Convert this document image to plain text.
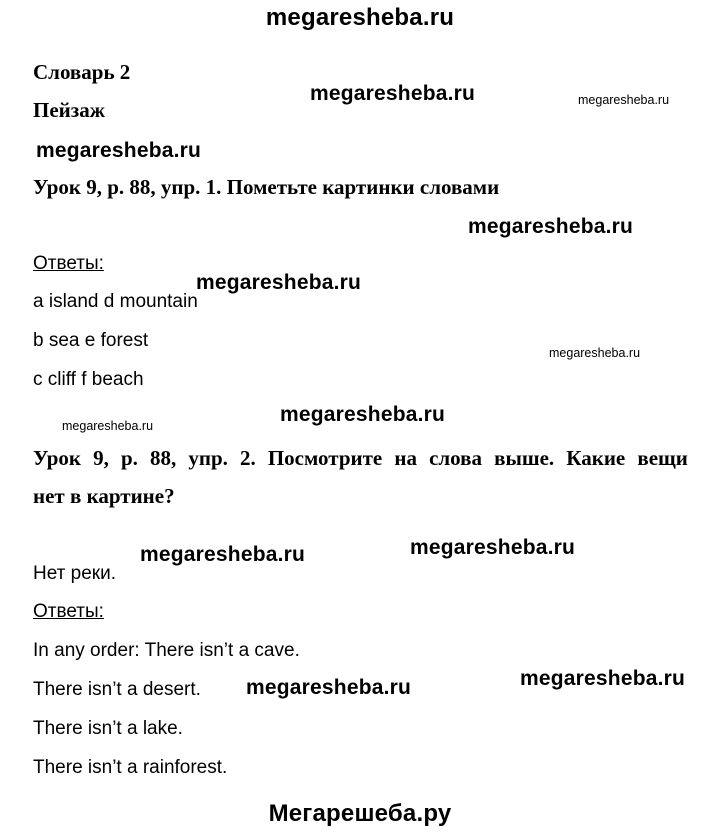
megaresheba.ru
Словарь 2
Пейзаж
Урок 9, р. 88, упр. 1. Пометьте картинки словами
Ответы:
a island d mountain
b sea e forest
c cliff f beach
Урок 9, р. 88, упр. 2. Посмотрите на слова выше. Какие вещи
нет в картине?
Нет реки.
Ответы:
In any order: There isn’t a cave.
There isn’t a desert.
There isn’t a lake.
There isn’t a rainforest.
megaresheba.ru
megaresheba.ru
megaresheba.ru
megaresheba.ru
megaresheba.ru
megaresheba.ru	megaresheba.ru
megaresheba.ru
megaresheba.ru
megaresheba.ru
megaresheba.ru
megaresheba.ru
Мегарешеба.ру
